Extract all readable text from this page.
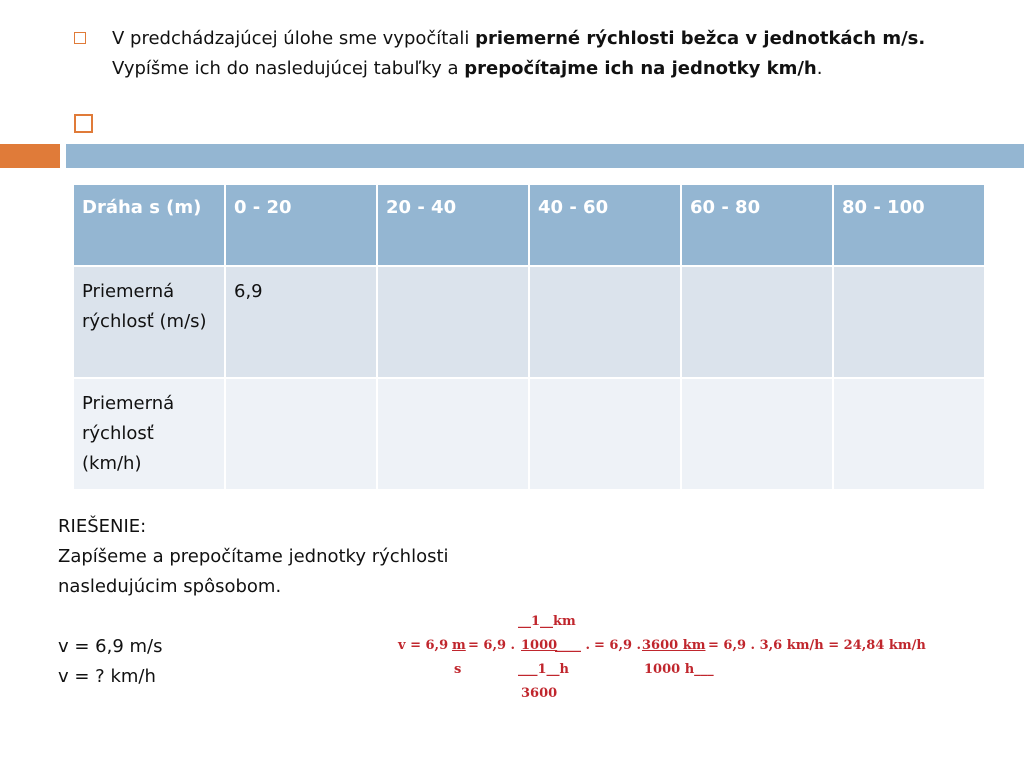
V predchádzajúcej úlohe sme vypočítali priemerné rýchlosti bežca v jednotkách m/s. Vypíšme ich do nasledujúcej tabuľky a prepočítajme ich na jednotky km/h.
Dráha s (m)	0 - 20	20 - 40	40 - 60	60 - 80	80 - 100
Priemerná rýchlosť (m/s)	6,9				
Priemerná rýchlosť (km/h)					
RIEŠENIE:
Zapíšeme a prepočítame jednotky rýchlosti
nasledujúcim spôsobom.
v = 6,9 m/s
v = ? km/h
__1__km
v = 6,9 m = 6,9 . 1000
____ . = 6,9 . 3600 km = 6,9 . 3,6 km/h = 24,84 km/h
s	___1__h	1000 h___
3600
